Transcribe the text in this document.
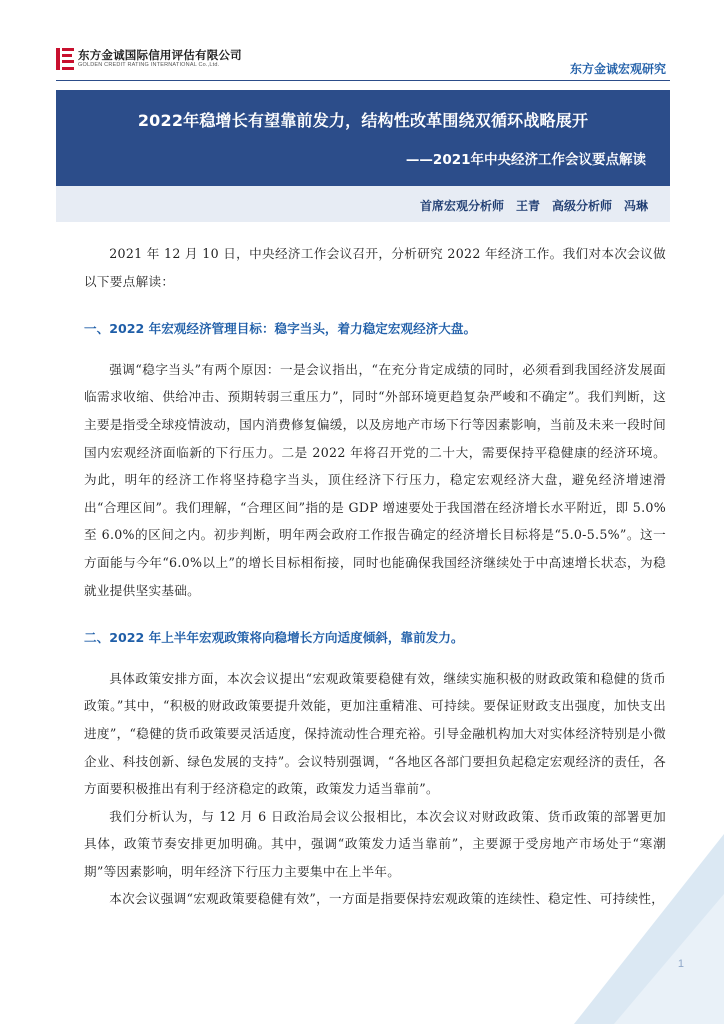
东方金诚国际信用评估有限公司
GOLDEN CREDIT RATING INTERNATIONAL Co.,Ltd.	东方金诚宏观研究
2022年稳增长有望靠前发力，结构性改革围绕双循环战略展开
——2021年中央经济工作会议要点解读
首席宏观分析师　王青　高级分析师　冯琳

2021 年 12 月 10 日，中央经济工作会议召开，分析研究 2022 年经济工作。我们对本次会议做以下要点解读：

一、2022 年宏观经济管理目标：稳字当头，着力稳定宏观经济大盘。

强调“稳字当头”有两个原因：一是会议指出，“在充分肯定成绩的同时，必须看到我国经济发展面临需求收缩、供给冲击、预期转弱三重压力”，同时“外部环境更趋复杂严峻和不确定”。我们判断，这主要是指受全球疫情波动，国内消费修复偏缓，以及房地产市场下行等因素影响，当前及未来一段时间国内宏观经济面临新的下行压力。二是 2022 年将召开党的二十大，需要保持平稳健康的经济环境。为此，明年的经济工作将坚持稳字当头，顶住经济下行压力，稳定宏观经济大盘，避免经济增速滑出“合理区间”。我们理解，“合理区间”指的是 GDP 增速要处于我国潜在经济增长水平附近，即 5.0%至 6.0%的区间之内。初步判断，明年两会政府工作报告确定的经济增长目标将是“5.0-5.5%”。这一方面能与今年“6.0%以上”的增长目标相衔接，同时也能确保我国经济继续处于中高速增长状态，为稳就业提供坚实基础。

二、2022 年上半年宏观政策将向稳增长方向适度倾斜，靠前发力。

具体政策安排方面，本次会议提出“宏观政策要稳健有效，继续实施积极的财政政策和稳健的货币政策。”其中，“积极的财政政策要提升效能，更加注重精准、可持续。要保证财政支出强度，加快支出进度”，“稳健的货币政策要灵活适度，保持流动性合理充裕。引导金融机构加大对实体经济特别是小微企业、科技创新、绿色发展的支持”。会议特别强调，“各地区各部门要担负起稳定宏观经济的责任，各方面要积极推出有利于经济稳定的政策，政策发力适当靠前”。

我们分析认为，与 12 月 6 日政治局会议公报相比，本次会议对财政政策、货币政策的部署更加具体，政策节奏安排更加明确。其中，强调“政策发力适当靠前”，主要源于受房地产市场处于“寒潮期”等因素影响，明年经济下行压力主要集中在上半年。

本次会议强调“宏观政策要稳健有效”，一方面是指要保持宏观政策的连续性、稳定性、可持续性，

1
